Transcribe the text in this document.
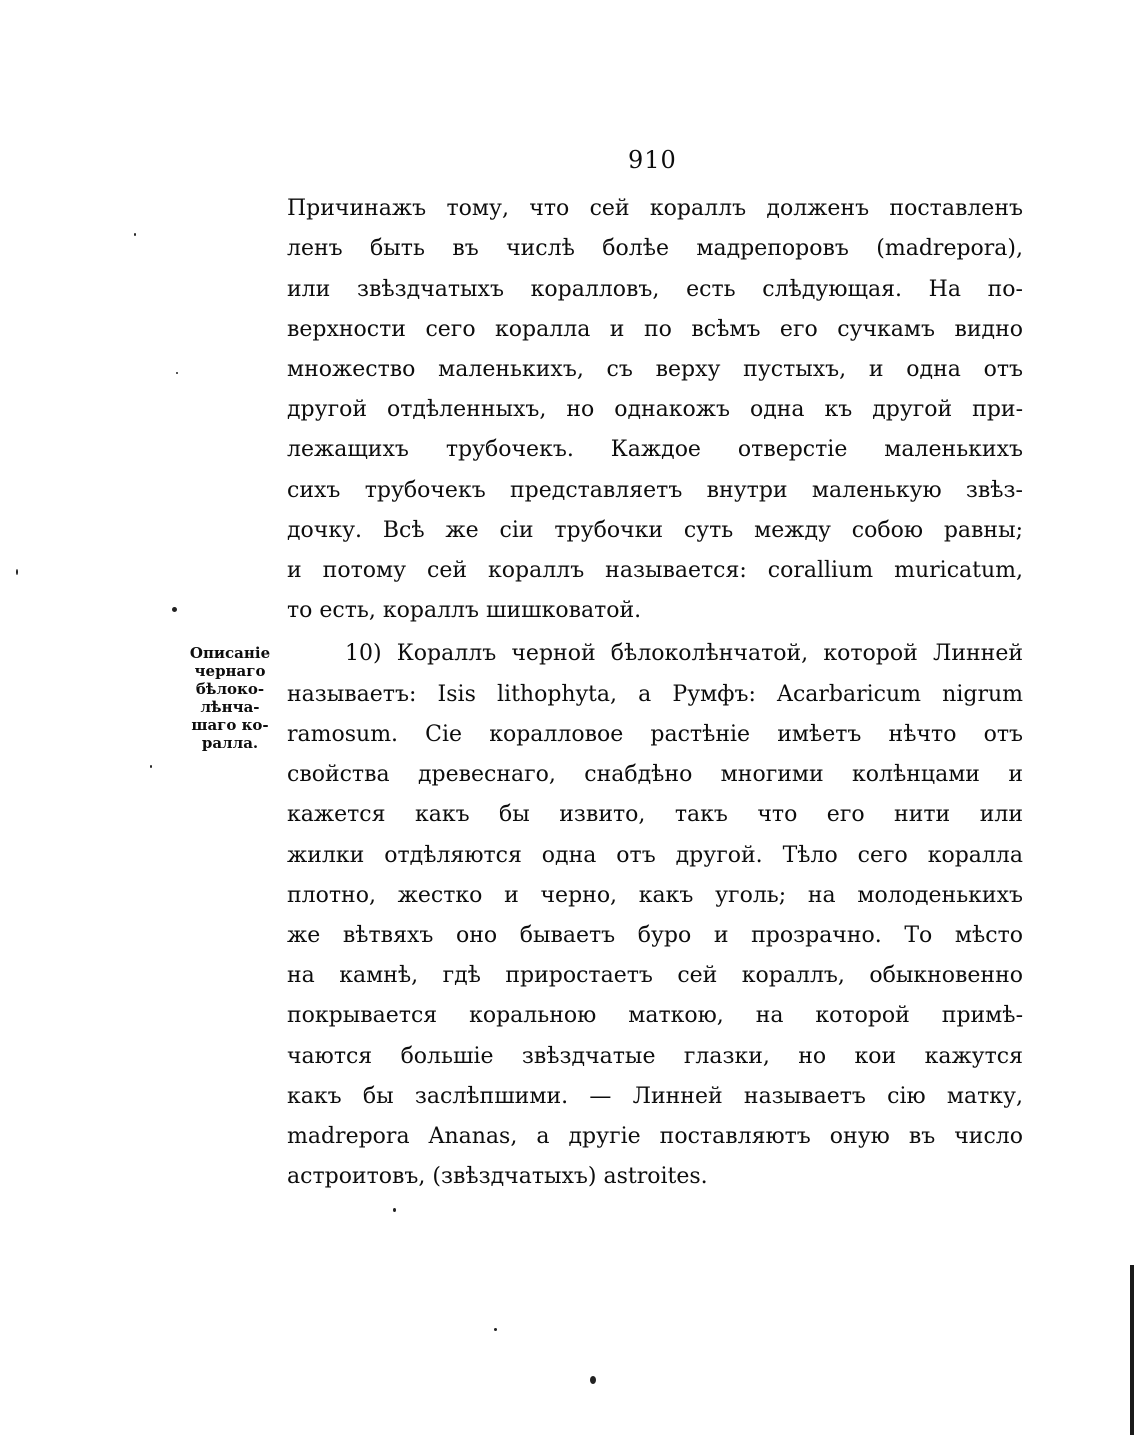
910
Описаніе
чернаго
бѣлоко-
лѣнча-
шаго ко-
ралла.
Причинажъ тому, что сей кораллъ долженъ поставленъ
ленъ быть въ числѣ болѣе мадрепоровъ (madrepora),
или звѣздчатыхъ коралловъ, есть слѣдующая. На по-
верхности сего коралла и по всѣмъ его сучкамъ видно
множество маленькихъ, съ верху пустыхъ, и одна отъ
другой отдѣленныхъ, но однакожъ одна къ другой при-
лежащихъ трубочекъ. Каждое отверстіе маленькихъ
сихъ трубочекъ представляетъ внутри маленькую звѣз-
дочку. Всѣ же сіи трубочки суть между собою равны;
и потому сей кораллъ называется: corallium muricatum,
то есть, кораллъ шишковатой.
10) Кораллъ черной бѣлоколѣнчатой, которой Линней
называетъ: Isis lithophyta, а Румфъ: Acarbaricum nigrum
ramosum. Сіе коралловое растѣніе имѣетъ нѣчто отъ
свойства древеснаго, снабдѣно многими колѣнцами и
кажется какъ бы извито, такъ что его нити или
жилки отдѣляются одна отъ другой. Тѣло сего коралла
плотно, жестко и черно, какъ уголь; на молоденькихъ
же вѣтвяхъ оно бываетъ буро и прозрачно. То мѣсто
на камнѣ, гдѣ приростаетъ сей кораллъ, обыкновенно
покрывается коральною маткою, на которой примѣ-
чаются большіе звѣздчатые глазки, но кои кажутся
какъ бы заслѣпшими. — Линней называетъ сію матку,
madrepora Ananas, а другіе поставляютъ оную въ число
астроитовъ, (звѣздчатыхъ) astroites.
